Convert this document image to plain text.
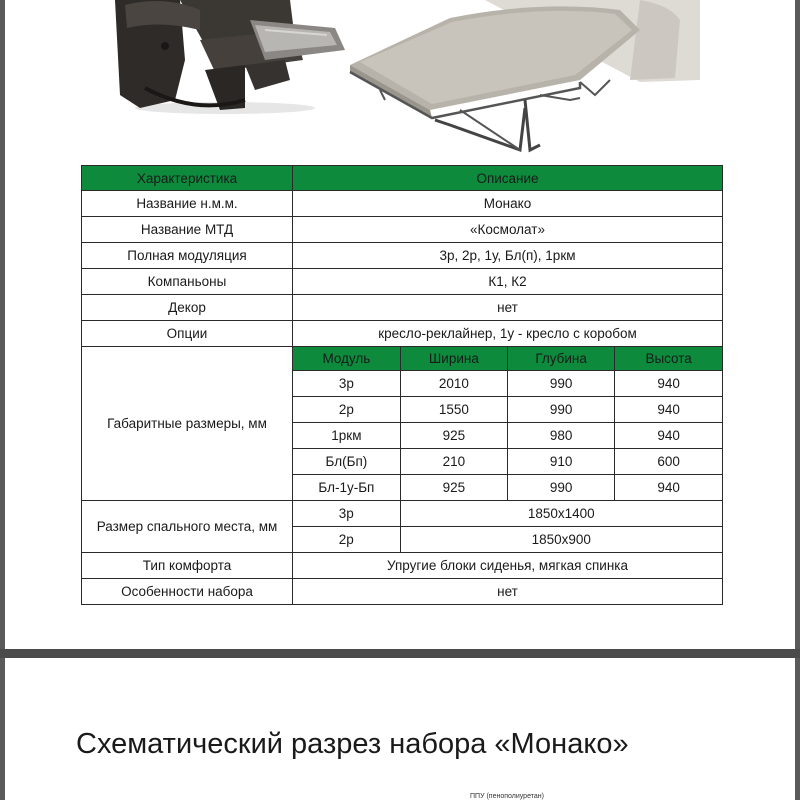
Характеристика	Описание
Название н.м.м.	Монако
Название МТД	«Космолат»
Полная модуляция	3р, 2р, 1у, Бл(п), 1ркм
Компаньоны	К1, К2
Декор	нет
Опции	кресло-реклайнер, 1у - кресло с коробом
Габаритные размеры, мм	
Модуль	Ширина	Глубина	Высота
3р	2010	990	940
2р	1550	990	940
1ркм	925	980	940
Бл(Бп)	210	910	600
Бл-1у-Бп	925	990	940

Размер спального места, мм	
3р	1850х1400
2р	1850х900

Тип комфорта	Упругие блоки сиденья, мягкая спинка
Особенности набора	нет
Схематический разрез набора «Монако»
ППУ (пенополиуретан)
